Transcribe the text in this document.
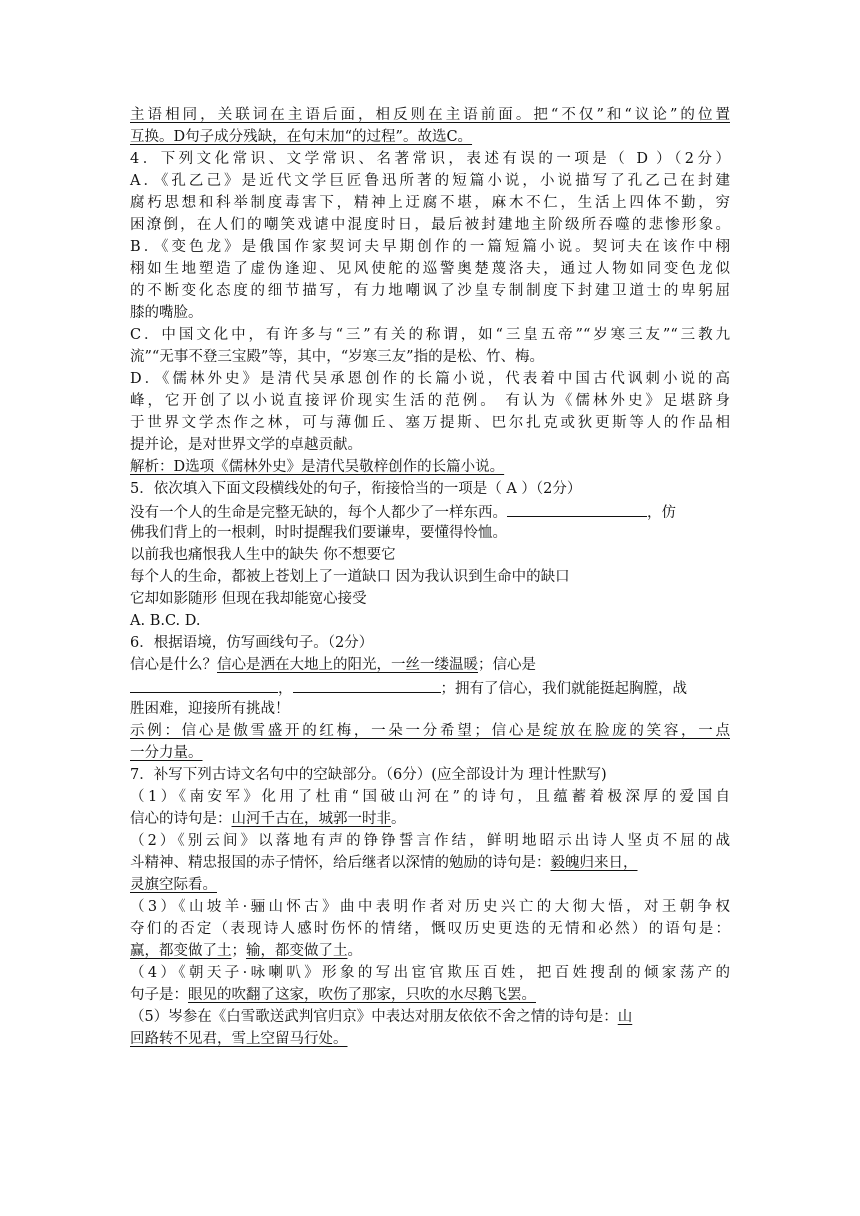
主语相同，关联词在主语后面，相反则在主语前面。把“不仅”和“议论”的位置
互换。D句子成分残缺，在句末加“的过程”。故选C。
4．下列文化常识、文学常识、名著常识，表述有误的一项是（ D ）（2分）
A．《孔乙己》是近代文学巨匠鲁迅所著的短篇小说，小说描写了孔乙己在封建
腐朽思想和科举制度毒害下，精神上迂腐不堪，麻木不仁，生活上四体不勤，穷
困潦倒，在人们的嘲笑戏谑中混度时日，最后被封建地主阶级所吞噬的悲惨形象。
B．《变色龙》是俄国作家契诃夫早期创作的一篇短篇小说。契诃夫在该作中栩
栩如生地塑造了虚伪逢迎、见风使舵的巡警奥楚蔑洛夫，通过人物如同变色龙似
的不断变化态度的细节描写，有力地嘲讽了沙皇专制制度下封建卫道士的卑躬屈
膝的嘴脸。
C．中国文化中，有许多与“三”有关的称谓，如“三皇五帝”“岁寒三友”“三教九
流”“无事不登三宝殿”等，其中，“岁寒三友”指的是松、竹、梅。
D．《儒林外史》是清代吴承恩创作的长篇小说，代表着中国古代讽刺小说的高
峰，它开创了以小说直接评价现实生活的范例。 有认为《儒林外史》足堪跻身
于世界文学杰作之林，可与薄伽丘、塞万提斯、巴尔扎克或狄更斯等人的作品相
提并论，是对世界文学的卓越贡献。
解析：D选项《儒林外史》是清代吴敬梓创作的长篇小说。
5．依次填入下面文段横线处的句子，衔接恰当的一项是（ A ）（2分）
没有一个人的生命是完整无缺的，每个人都少了一样东西。	，仿
佛我们背上的一根刺，时时提醒我们要谦卑，要懂得怜恤。
以前我也痛恨我人生中的缺失 你不想要它
每个人的生命，都被上苍划上了一道缺口 因为我认识到生命中的缺口
它却如影随形 但现在我却能宽心接受
A. B.C. D.
6．根据语境，仿写画线句子。（2分）
信心是什么？信心是洒在大地上的阳光，一丝一缕温暖；信心是
，	；拥有了信心，我们就能挺起胸膛，战
胜困难，迎接所有挑战！
示例：信心是傲雪盛开的红梅，一朵一分希望；信心是绽放在脸庞的笑容，一点
一分力量。
7．补写下列古诗文名句中的空缺部分。（6分）(应全部设计为 理计性默写)
（1）《南安军》化用了杜甫“国破山河在”的诗句，且蕴蓄着极深厚的爱国自
信心的诗句是：山河千古在，城郭一时非。
（2）《别云间》以落地有声的铮铮誓言作结，鲜明地昭示出诗人坚贞不屈的战
斗精神、精忠报国的赤子情怀，给后继者以深情的勉励的诗句是：毅魄归来日，
灵旗空际看。
（3）《山坡羊·骊山怀古》曲中表明作者对历史兴亡的大彻大悟，对王朝争权
夺们的否定（表现诗人感时伤怀的情绪，慨叹历史更迭的无情和必然）的语句是：
赢，都变做了土；输，都变做了土。
（4）《朝天子·咏喇叭》形象的写出宦官欺压百姓，把百姓搜刮的倾家荡产的
句子是：眼见的吹翻了这家，吹伤了那家，只吹的水尽鹅飞罢。
（5）岑参在《白雪歌送武判官归京》中表达对朋友依依不舍之情的诗句是：山
回路转不见君，雪上空留马行处。
